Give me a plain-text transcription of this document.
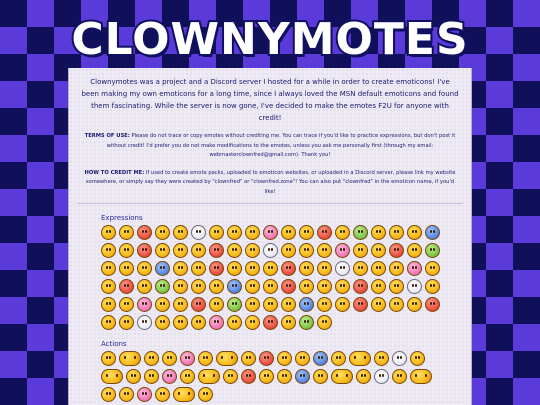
CLOWNYMOTES
Clownymotes was a project and a Discord server I hosted for a while in order to create emoticons! I've been making my own emoticons for a long time, since I always loved the MSN default emoticons and found them fascinating. While the server is now gone, I've decided to make the emotes F2U for anyone with credit!
TERMS OF USE: Please do not trace or copy emotes without crediting me. You can trace if you'd like to practice expressions, but don't post it without credit! I'd prefer you do not make modifications to the emotes, unless you ask me personally first (through my email: webmasterclownfred@gmail.com). Thank you!
HOW TO CREDIT ME: If used to create emote packs, uploaded to emoticon websites, or uploaded in a Discord server, please link my website somewhere, or simply say they were created by "clownfred" or "clownfred.zone"! You can also put "clownfred" in the emoticon name, if you'd like!
Expressions
Actions
